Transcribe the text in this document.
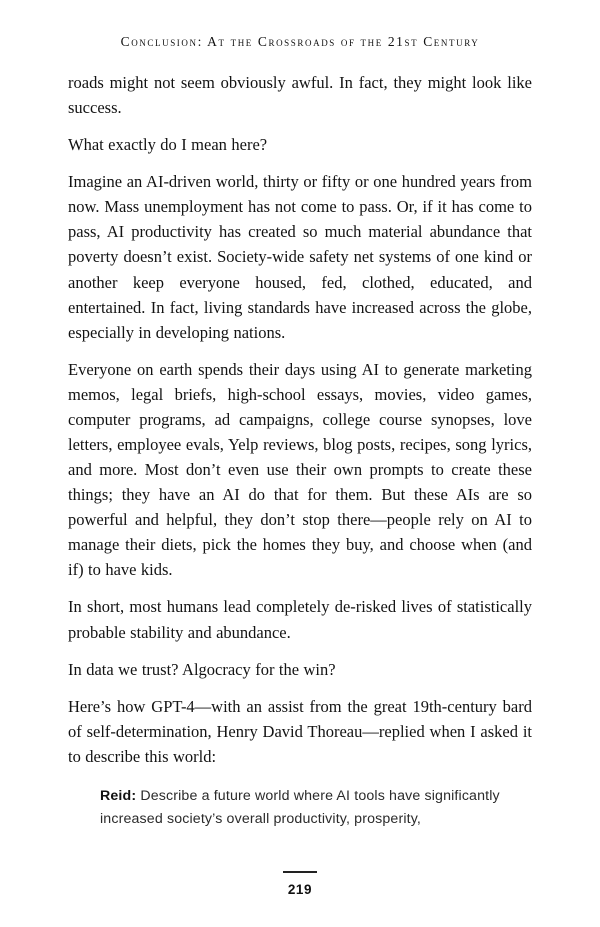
Conclusion: At the Crossroads of the 21st Century

roads might not seem obviously awful. In fact, they might look like success.

What exactly do I mean here?

Imagine an AI-driven world, thirty or fifty or one hundred years from now. Mass unemployment has not come to pass. Or, if it has come to pass, AI productivity has created so much material abundance that poverty doesn’t exist. Society-wide safety net systems of one kind or another keep everyone housed, fed, clothed, educated, and entertained. In fact, living standards have increased across the globe, especially in developing nations.

Everyone on earth spends their days using AI to generate marketing memos, legal briefs, high-school essays, movies, video games, computer programs, ad campaigns, college course synopses, love letters, employee evals, Yelp reviews, blog posts, recipes, song lyrics, and more. Most don’t even use their own prompts to create these things; they have an AI do that for them. But these AIs are so powerful and helpful, they don’t stop there—people rely on AI to manage their diets, pick the homes they buy, and choose when (and if) to have kids.

In short, most humans lead completely de-risked lives of statistically probable stability and abundance.

In data we trust? Algocracy for the win?

Here’s how GPT-4—with an assist from the great 19th-century bard of self-determination, Henry David Thoreau—replied when I asked it to describe this world:

Reid: Describe a future world where AI tools have significantly increased society’s overall productivity, prosperity,
219
